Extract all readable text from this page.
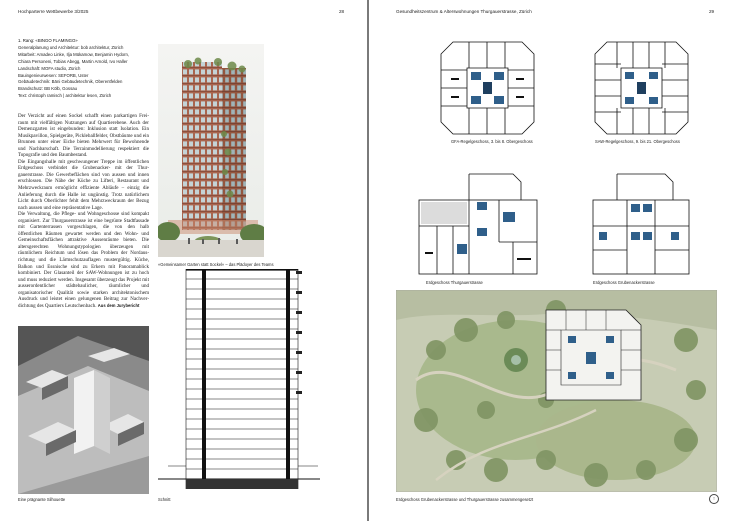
Hochparterre Wettbewerbe 3/2025	28
1. Rang: «BINGO FLAMINGO»
Generalplanung und Architektur: bob architektur, Zürich
Mitarbeit: Amadeo Linke, Ilja Mükamow, Benjamin Hydorn,
Chiara Personeni, Tobias Abegg, Martin Arnold, Ivo Haller
Landschaft: MOFA studio, Zürich
Bauingenieurwesen: SEFORB, Uster
Gebäudetechnik: Bäni Gebäudetechnik, Oberentfelden
Brandschutz: BB Kölb, Gossau
Text: christoph ramisch | architektur lesen, Zürich

Der Verzicht auf einen Sockel schafft einen parkartigen Freiraum mit vielfältigen Nutzungen auf Quartierebene. Auch der Demenzgarten ist eingebunden: Inklusion statt Isolation. Ein Musikpavillon, Spielgeräte, Pickleballfelder, Obstbäume und ein Brunnen unter einer Eiche bieten Mehrwert für Bewohnende und Nachbarschaft. Die Terrainmodellierung respektiert die Topografie und den Baumbestand.

Die Eingangshalle mit geschwungener Treppe im öffentlichen Erdgeschoss verbindet die Grubenacker- mit der Thurgauerstrasse. Die Gewerbeflächen sind von aussen und innen erschlossen. Die Nähe der Küche zu Lifteri, Restaurant und Mehrzweckraum ermöglicht effiziente Abläufe – einzig die Anlieferung durch die Halle ist ungünstig. Trotz natürlichem Licht durch Oberlichter fehlt dem Mehrzweckraum der Bezug nach aussen und eine repräsentative Lage.

Die Verwaltung, die Pflege- und Wohngeschosse sind kompakt organisiert. Zur Thurgauerstrasse ist eine begrünte Stadtfassade mit Gartenterrassen vorgeschlagen, die von den halb öffentlichen Räumen gewartet werden und den Wohn- und Gemeinschaftsflächen attraktive Aussenräume bieten. Die altersgerechten Wohnungstypologien überzeugen mit räumlichem Reichtum und lösen das Problem der Nordausrichtung und die Lärmschutzauflagen mustergültig. Küche, Balkon und Essnische sind zu Erkern mit Panoramablick kombiniert. Der Glasanteil der SAW-Wohnungen ist zu hoch und muss reduziert werden. Insgesamt überzeugt das Projekt mit ausserordentlicher städtebaulicher, räumlicher und organisatorischer Qualität sowie starken architektonischem Ausdruck und leistet einen gelungenen Beitrag zur Nachverdichtung des Quartiers Leutschenbach. Aus dem Jurybericht

«Gemeinsamer Garten statt Sockel» – das Plädoyer des Teams
Schnitt
Eine prägnante Silhouette
Gesundheitszentrum & Alterswohnungen Thurgauerstrasse, Zürich	29
GFA-Regelgeschoss, 3. bis 8. Obergeschoss	SAW-Regelgeschoss, 9. bis 21. Obergeschoss
Erdgeschoss Thurgauerstrasse	Erdgeschoss Grubenackerstrasse
Erdgeschoss Grubenackerstrasse und Thurgauerstrasse zusammengesetzt	↑
